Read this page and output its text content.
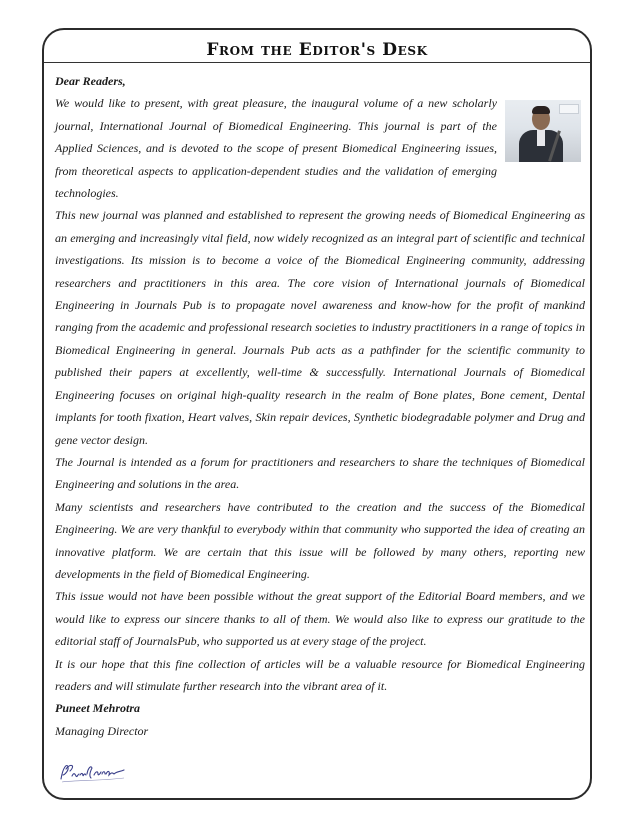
From the Editor's Desk

Dear Readers,

We would like to present, with great pleasure, the inaugural volume of a new scholarly journal, International Journal of Biomedical Engineering. This journal is part of the Applied Sciences, and is devoted to the scope of present Biomedical Engineering issues, from theoretical aspects to application-dependent studies and the validation of emerging technologies.

This new journal was planned and established to represent the growing needs of Biomedical Engineering as an emerging and increasingly vital field, now widely recognized as an integral part of scientific and technical investigations. Its mission is to become a voice of the Biomedical Engineering community, addressing researchers and practitioners in this area. The core vision of International journals of Biomedical Engineering in Journals Pub is to propagate novel awareness and know-how for the profit of mankind ranging from the academic and professional research societies to industry practitioners in a range of topics in Biomedical Engineering in general. Journals Pub acts as a pathfinder for the scientific community to published their papers at excellently, well-time & successfully. International Journals of Biomedical Engineering focuses on original high-quality research in the realm of Bone plates, Bone cement, Dental implants for tooth fixation, Heart valves, Skin repair devices, Synthetic biodegradable polymer and Drug and gene vector design.

The Journal is intended as a forum for practitioners and researchers to share the techniques of Biomedical Engineering and solutions in the area.

Many scientists and researchers have contributed to the creation and the success of the Biomedical Engineering. We are very thankful to everybody within that community who supported the idea of creating an innovative platform. We are certain that this issue will be followed by many others, reporting new developments in the field of Biomedical Engineering.

This issue would not have been possible without the great support of the Editorial Board members, and we would like to express our sincere thanks to all of them. We would also like to express our gratitude to the editorial staff of JournalsPub, who supported us at every stage of the project.

It is our hope that this fine collection of articles will be a valuable resource for Biomedical Engineering readers and will stimulate further research into the vibrant area of it.

Puneet Mehrotra

Managing Director
